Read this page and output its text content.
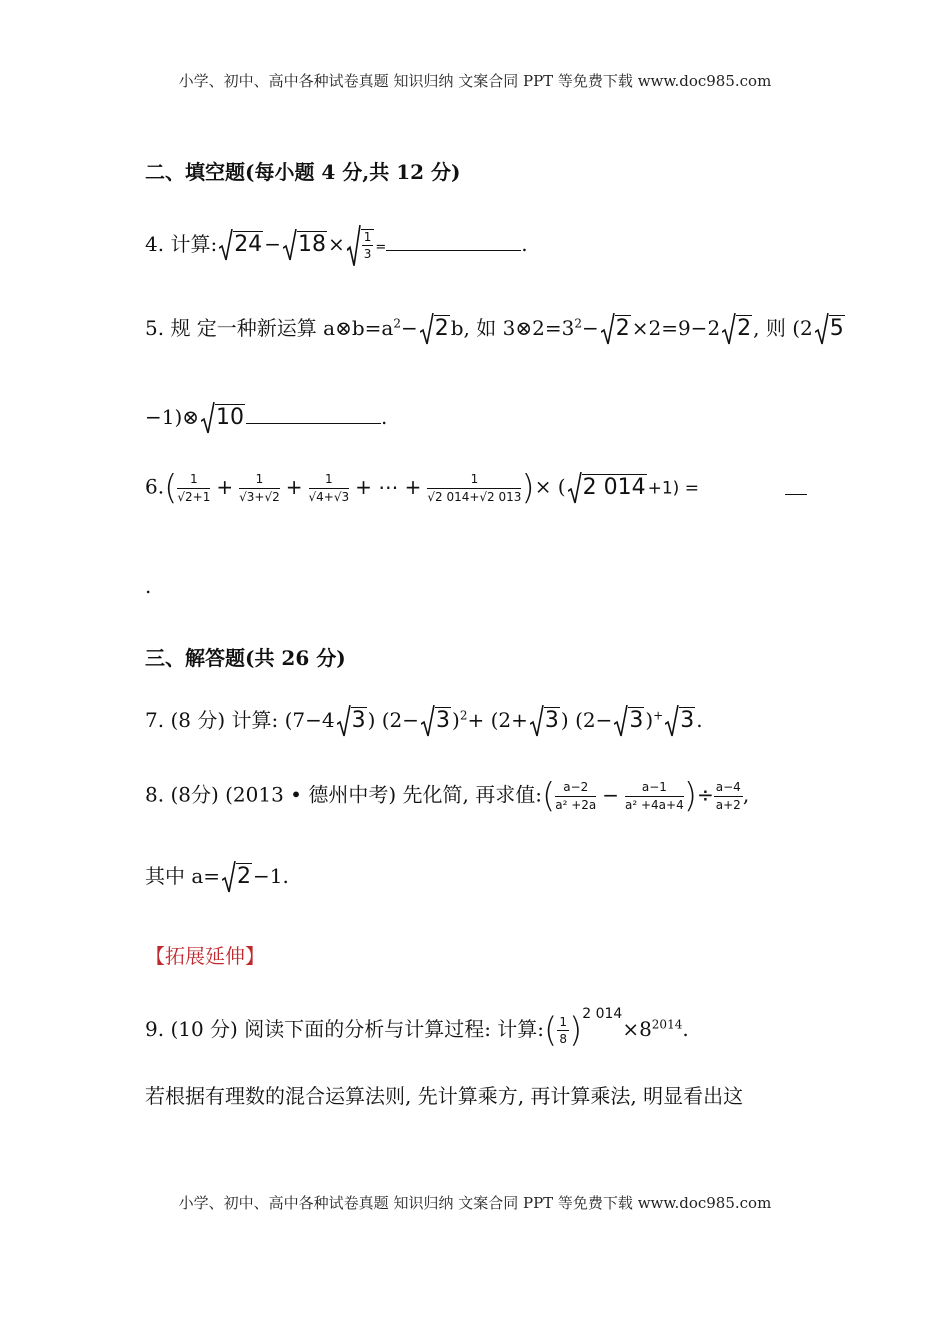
小学、初中、高中各种试卷真题 知识归纳 文案合同 PPT 等免费下载 www.doc985.com
二、填空题(每小题 4 分,共 12 分)
4. 计算: $24 - 18 \times \frac{1}{3}$ =	.
5. 规 定一种新运算 $a\otimes b=a^2- 2$ b, 如 $3\otimes 2=3^2- 2 \times 2=9-2$ 2 , 则 (2 5
−1)⊗ 10	.
$6.( \frac{1}{√2+1} + \frac{1}{√3+√2} + \frac{1}{√4+√3}$ + ⋯ + $\frac{1}{√2 014+√2 013}$ )× ( 2 014 +1) =
.
三、解答题(共 26 分)
7. (8 分) 计算: (7−4 3 ) (2− 3 )$^2$+ (2+ 3 ) (2− 3 )+ 3 .
8. (8分) (2013 • 德州中考) 先化简, 再求值:( $\frac{a-2}{\text{a² +2a}} - \frac{a-1}{\text{a² +4a+4}}$ )÷ $\frac{a-4}{a+2}$ ,
其中 a= 2 −1.
【拓展延伸】
9. (10 分) 阅读下面的分析与计算过程: 计算:( $\frac{1}{8} )^{2 014}\times 8^{2014}$.
若根据有理数的混合运算法则, 先计算乘方, 再计算乘法, 明显看出这
小学、初中、高中各种试卷真题 知识归纳 文案合同 PPT 等免费下载 www.doc985.com
